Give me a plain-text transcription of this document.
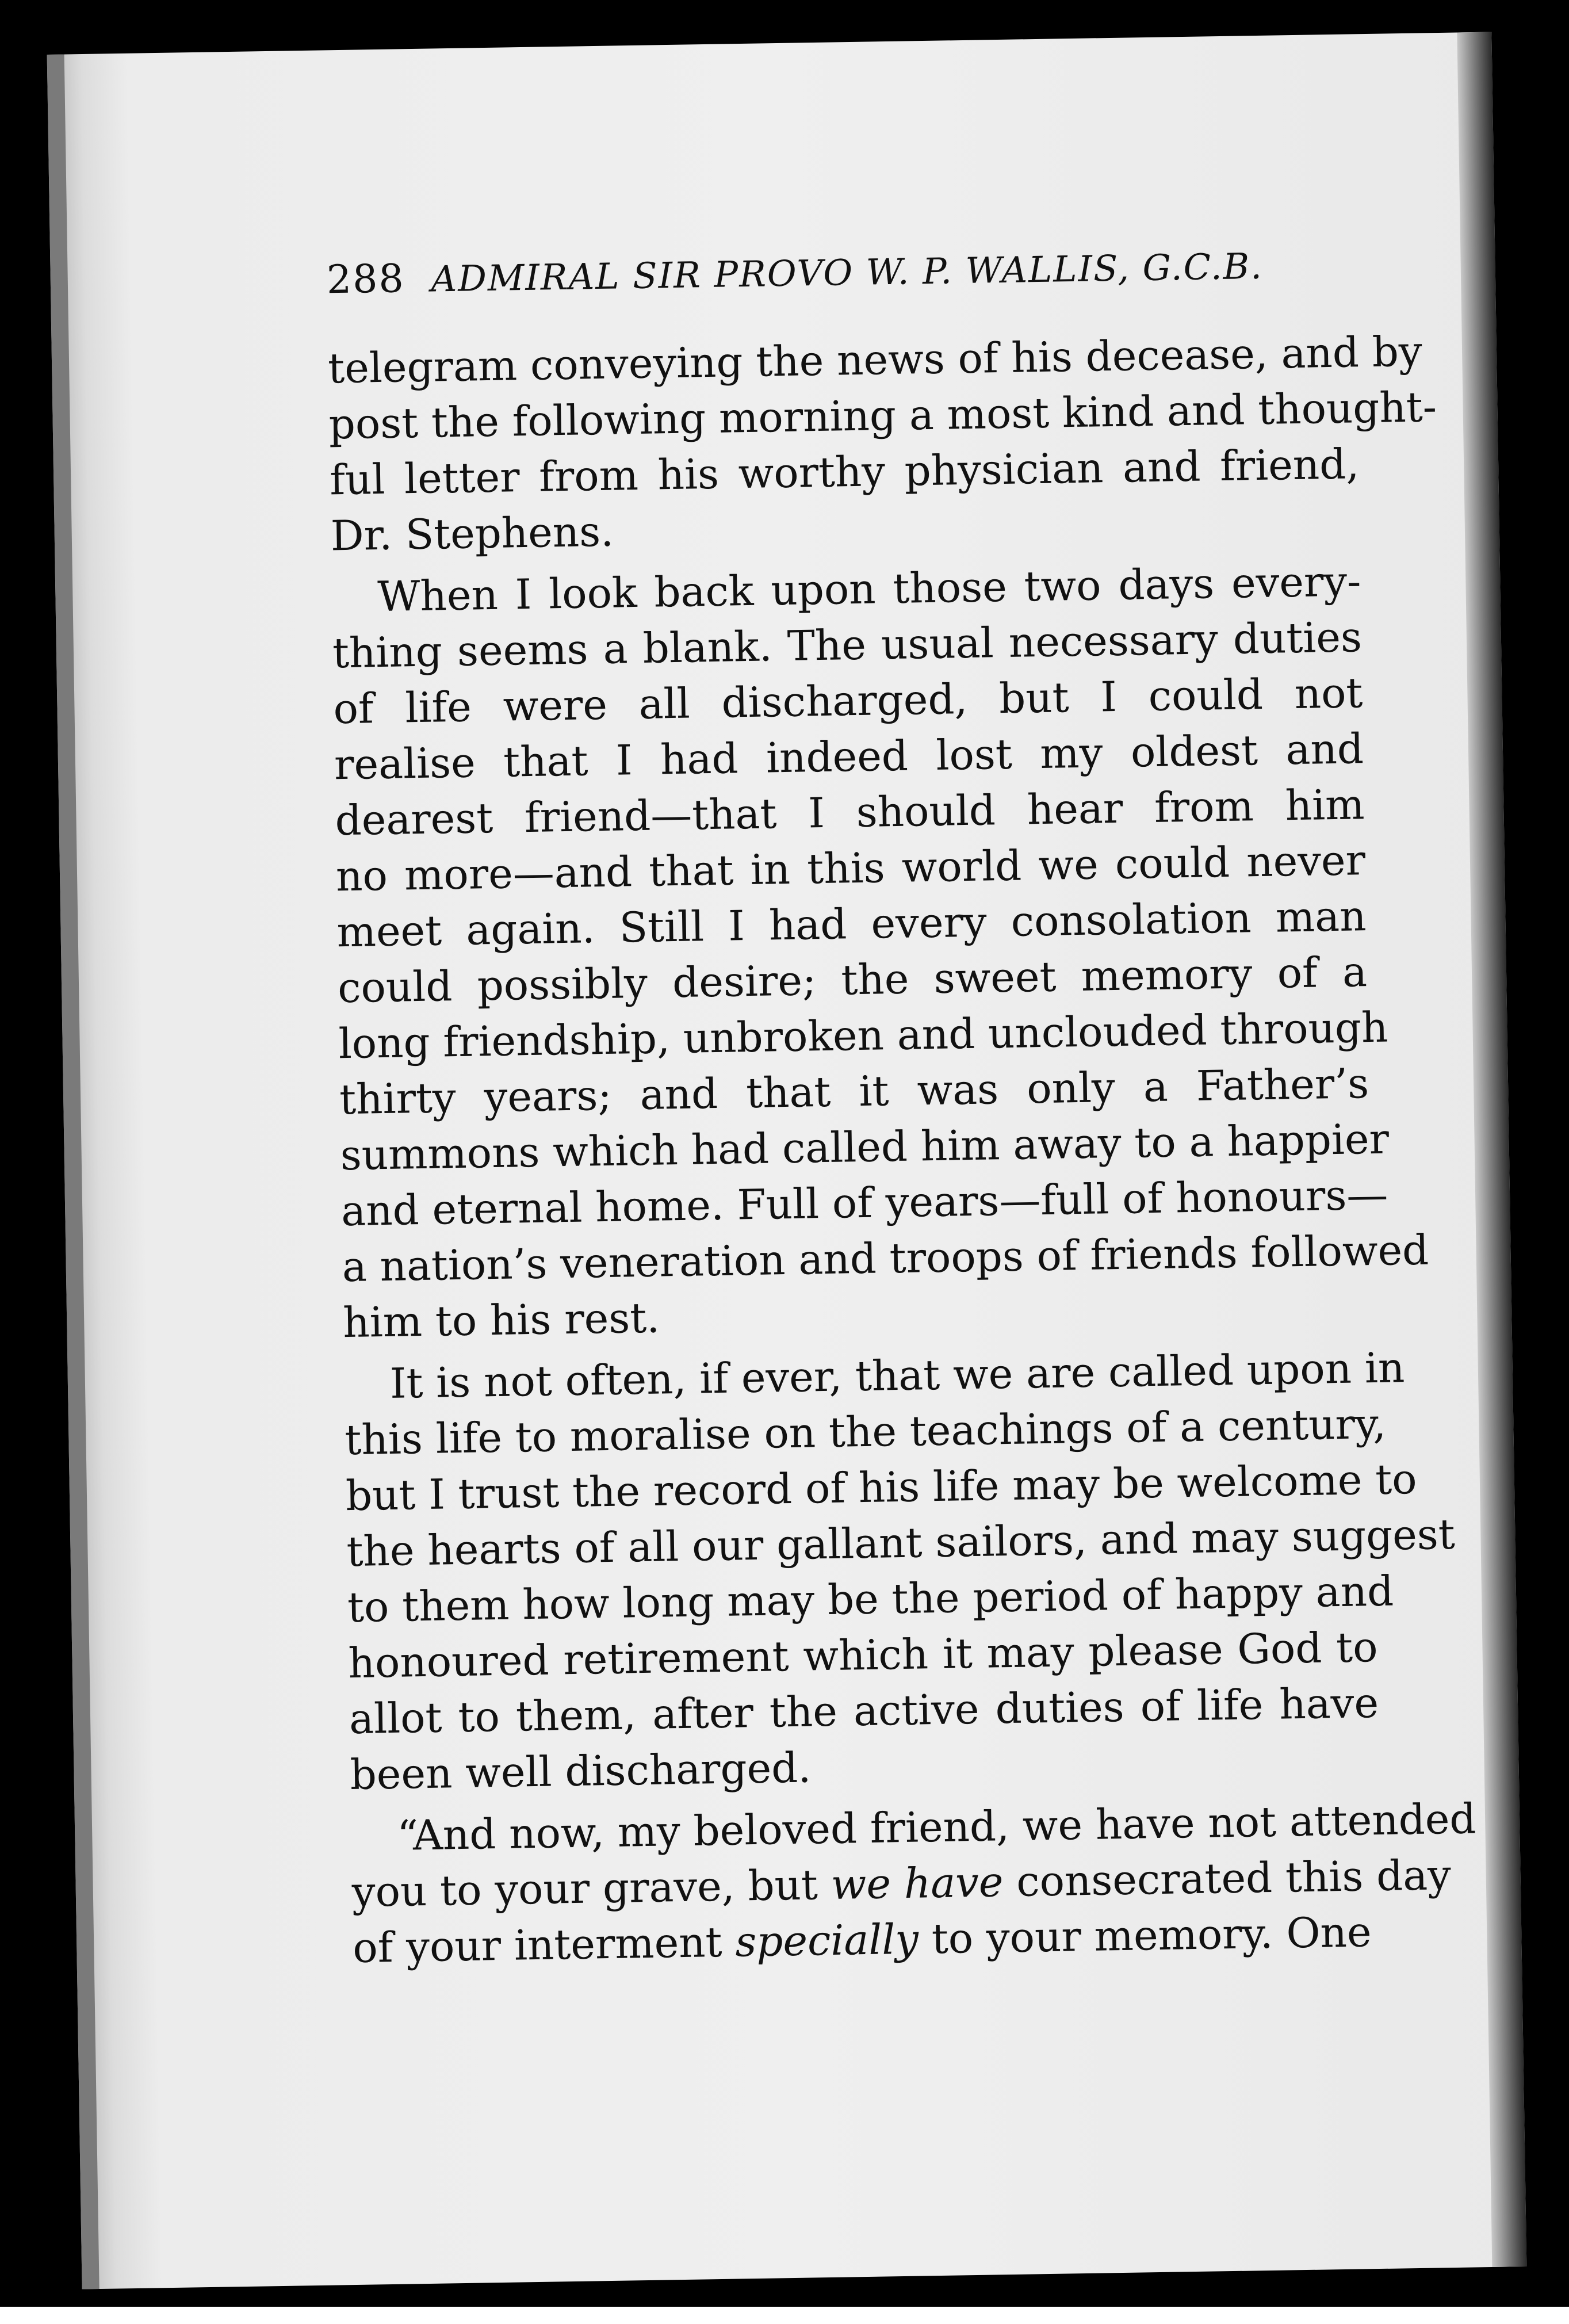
288 ADMIRAL SIR PROVO W. P. WALLIS, G.C.B.
telegram conveying the news of his decease, and by
post the following morning a most kind and thought-
ful letter from his worthy physician and friend,
Dr. Stephens.
When I look back upon those two days every-
thing seems a blank. The usual necessary duties
of life were all discharged, but I could not
realise that I had indeed lost my oldest and
dearest friend—that I should hear from him
no more—and that in this world we could never
meet again. Still I had every consolation man
could possibly desire; the sweet memory of a
long friendship, unbroken and unclouded through
thirty years; and that it was only a Father’s
summons which had called him away to a happier
and eternal home. Full of years—full of honours—
a nation’s veneration and troops of friends followed
him to his rest.
It is not often, if ever, that we are called upon in
this life to moralise on the teachings of a century,
but I trust the record of his life may be welcome to
the hearts of all our gallant sailors, and may suggest
to them how long may be the period of happy and
honoured retirement which it may please God to
allot to them, after the active duties of life have
been well discharged.
“And now, my beloved friend, we have not attended
you to your grave, but we have consecrated this day
of your interment specially to your memory. One
